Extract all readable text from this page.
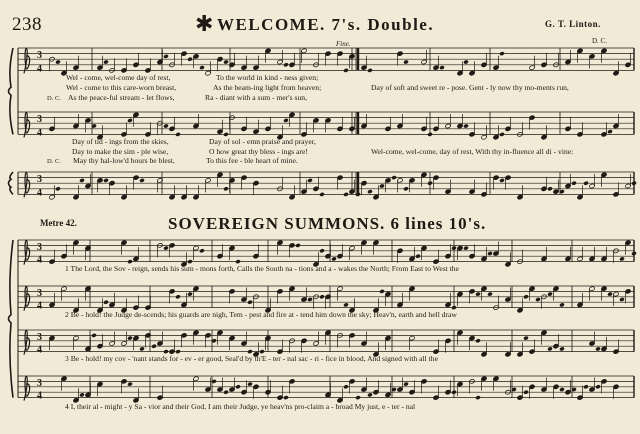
3
4
3
4
3
4
3
4
3
4
3
4
3
4
238	✱ WELCOME. 7's. Double.	G. T. Linton.
Fine.	D. C.
Wel - come, wel-come day of rest,	To the world in kind - ness given;
Wel - come to this care-worn breast,	As the beam-ing light from heaven;
D. C. As the peace-ful stream - let flows,	Ra - diant with a sum - mer's sun,
Day of soft and sweet re - pose. Gent - ly now thy mo-ments run,
Day of tid - ings from the skies,	Day of sol - emn praise and prayer,
Day to make the sim - ple wise,	O how great thy bless - ings are!
D. C. May thy hal-low'd hours be blest,	To this fee - ble heart of mine.
Wel-come, wel-come, day of rest, With thy in-fluence all di - vine:
Metre 42.	SOVEREIGN SUMMONS. 6 lines 10's.
1 The Lord, the Sov - reign, sends his sum - mons forth, Calls the South na - tions and a - wakes the North; From East to West the
2 Be - hold! the Judge de-scends; his guards are nigh, Tem - pest and fire at - tend him down the sky; Heav'n, earth and hell draw
3 Be - hold! my cov - 'nant stands for - ev - er good, Seal'd by th'E - ter - nal sac - ri - fice in blood, And signed with all the
4 I, their al - might - y Sa - vior and their God, I am their Judge, ye heav'ns pro-claim a - broad My just, e - ter - nal
